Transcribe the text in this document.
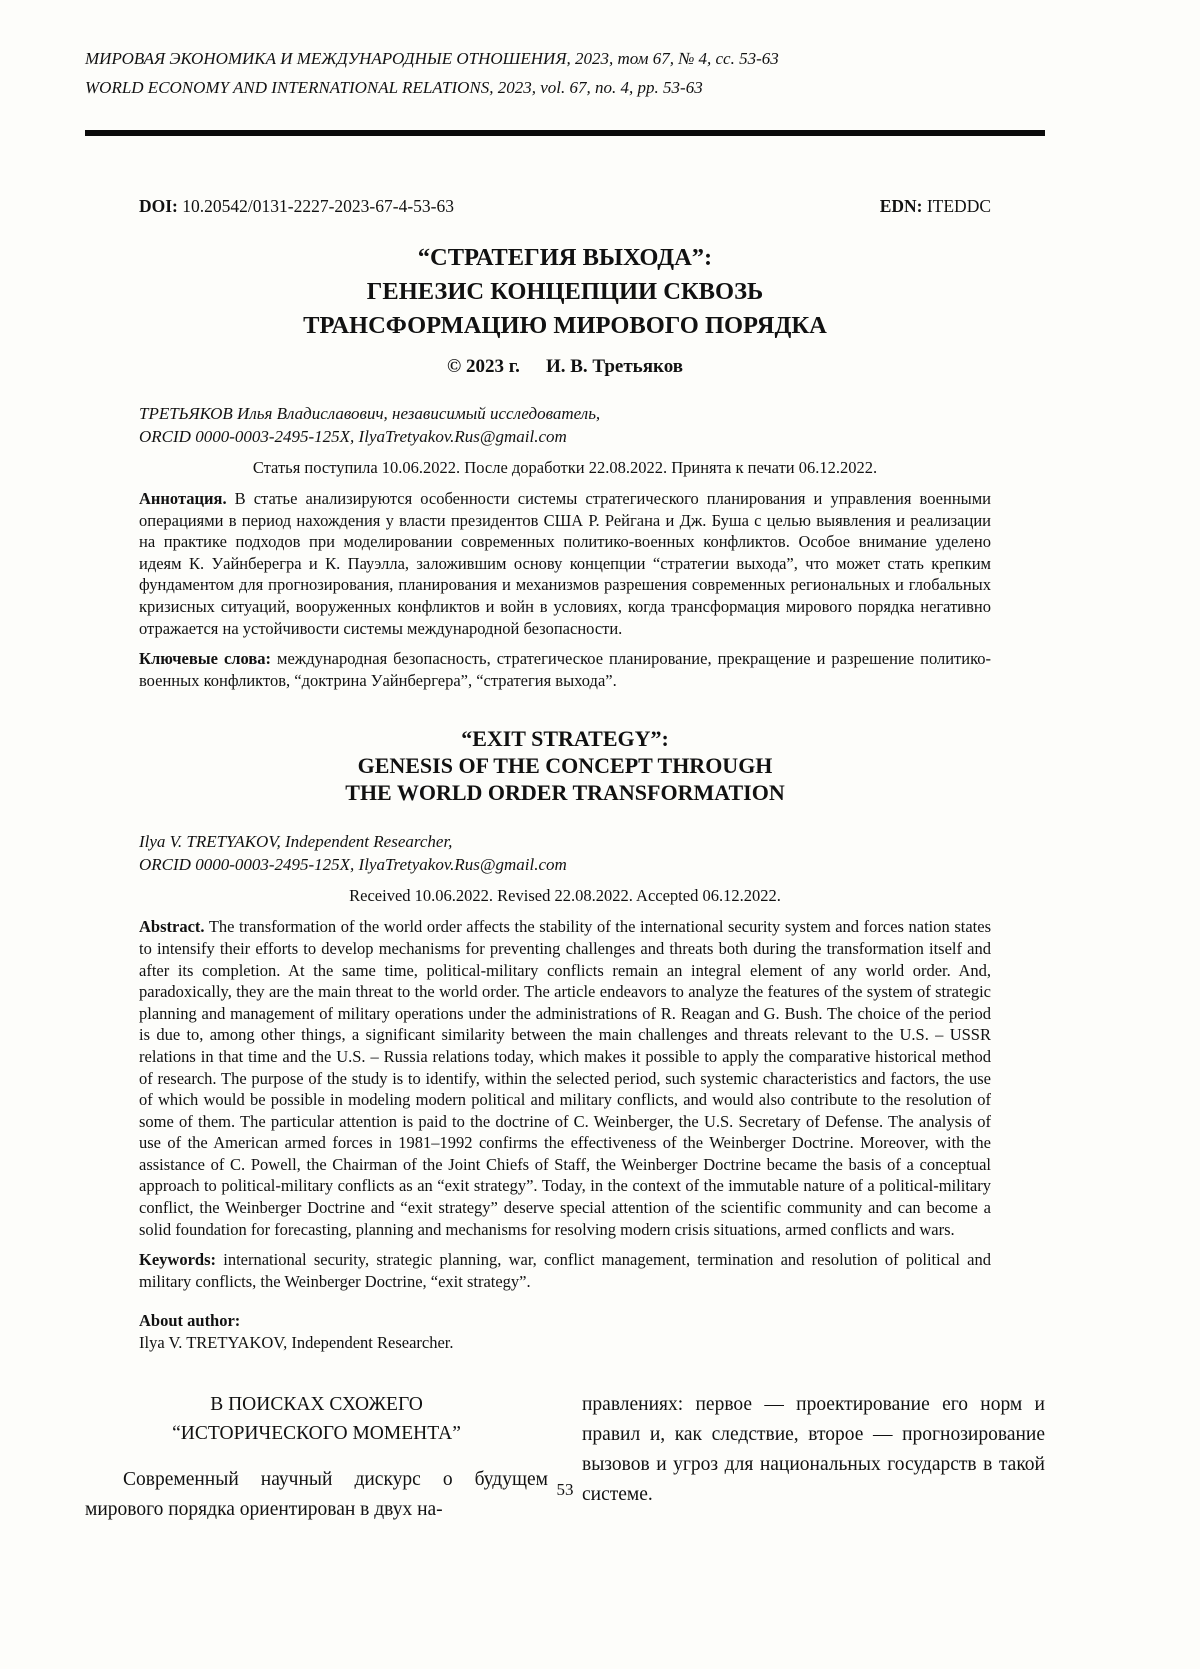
МИРОВАЯ ЭКОНОМИКА И МЕЖДУНАРОДНЫЕ ОТНОШЕНИЯ, 2023, том 67, № 4, сс. 53-63
WORLD ECONOMY AND INTERNATIONAL RELATIONS, 2023, vol. 67, no. 4, pp. 53-63
DOI: 10.20542/0131-2227-2023-67-4-53-63	EDN: ITEDDC
“СТРАТЕГИЯ ВЫХОДА”:
ГЕНЕЗИС КОНЦЕПЦИИ СКВОЗЬ
ТРАНСФОРМАЦИЮ МИРОВОГО ПОРЯДКА
© 2023 г. И. В. Третьяков
ТРЕТЬЯКОВ Илья Владиславович, независимый исследователь,
ORCID 0000-0003-2495-125X, IlyaTretyakov.Rus@gmail.com
Статья поступила 10.06.2022. После доработки 22.08.2022. Принята к печати 06.12.2022.
Аннотация. В статье анализируются особенности системы стратегического планирования и управления военными операциями в период нахождения у власти президентов США Р. Рейгана и Дж. Буша с целью выявления и реализации на практике подходов при моделировании современных политико-военных конфликтов. Особое внимание уделено идеям К. Уайнберегра и К. Пауэлла, заложившим основу концепции “стратегии выхода”, что может стать крепким фундаментом для прогнозирования, планирования и механизмов разрешения современных региональных и глобальных кризисных ситуаций, вооруженных конфликтов и войн в условиях, когда трансформация мирового порядка негативно отражается на устойчивости системы международной безопасности.
Ключевые слова: международная безопасность, стратегическое планирование, прекращение и разрешение политико-военных конфликтов, “доктрина Уайнбергера”, “стратегия выхода”.
“EXIT STRATEGY”:
GENESIS OF THE CONCEPT THROUGH
THE WORLD ORDER TRANSFORMATION
Ilya V. TRETYAKOV, Independent Researcher,
ORCID 0000-0003-2495-125X, IlyaTretyakov.Rus@gmail.com
Received 10.06.2022. Revised 22.08.2022. Accepted 06.12.2022.
Abstract. The transformation of the world order affects the stability of the international security system and forces nation states to intensify their efforts to develop mechanisms for preventing challenges and threats both during the transformation itself and after its completion. At the same time, political-military conflicts remain an integral element of any world order. And, paradoxically, they are the main threat to the world order. The article endeavors to analyze the features of the system of strategic planning and management of military operations under the administrations of R. Reagan and G. Bush. The choice of the period is due to, among other things, a significant similarity between the main challenges and threats relevant to the U.S. – USSR relations in that time and the U.S. – Russia relations today, which makes it possible to apply the comparative historical method of research. The purpose of the study is to identify, within the selected period, such systemic characteristics and factors, the use of which would be possible in modeling modern political and military conflicts, and would also contribute to the resolution of some of them. The particular attention is paid to the doctrine of C. Weinberger, the U.S. Secretary of Defense. The analysis of use of the American armed forces in 1981–1992 confirms the effectiveness of the Weinberger Doctrine. Moreover, with the assistance of C. Powell, the Chairman of the Joint Chiefs of Staff, the Weinberger Doctrine became the basis of a conceptual approach to political-military conflicts as an “exit strategy”. Today, in the context of the immutable nature of a political-military conflict, the Weinberger Doctrine and “exit strategy” deserve special attention of the scientific community and can become a solid foundation for forecasting, planning and mechanisms for resolving modern crisis situations, armed conflicts and wars.
Keywords: international security, strategic planning, war, conflict management, termination and resolution of political and military conflicts, the Weinberger Doctrine, “exit strategy”.
About author:
Ilya V. TRETYAKOV, Independent Researcher.
В ПОИСКАХ СХОЖЕГО
“ИСТОРИЧЕСКОГО МОМЕНТА”
Современный научный дискурс о будущем мирового порядка ориентирован в двух на-
правлениях: первое — проектирование его норм и правил и, как следствие, второе — прогнозирование вызовов и угроз для национальных государств в такой системе.
53
